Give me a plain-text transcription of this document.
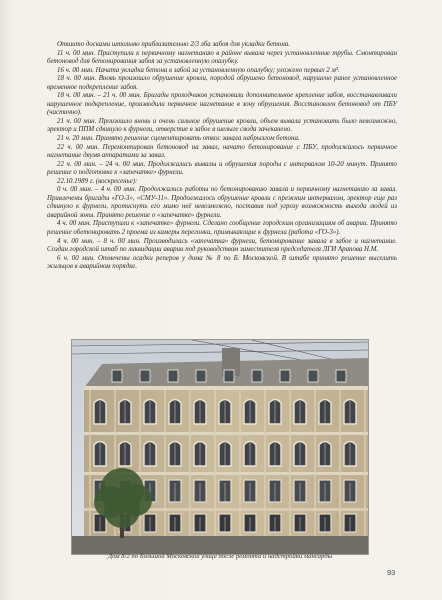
Отшито досками штольню приблизительно 2/3 лба забоя для укладки бетона.

11 ч. 00 мин. Приступили к первичному нагнетанию в районе вывала через установленные трубы. Смонтирован бетоновод для бетонирования забоя за установленную опалубку.

16 ч. 00 мин. Начата укладка бетона в забой за установленную опалубку; уложено первых 2 м³.

18 ч. 00 мин. Вновь произошло обрушение кровли, породой обрушено бетоновод, нарушено ранее установленное временное подкрепление забоя.

18 ч. 00 мин. – 21 ч. 00 мин. Бригады проходчиков установили дополнительное крепление забоя, восстанавливали нарушенное подкрепление, производили первичное нагнетание в зону обрушения. Восстановлен бетоновод от ПБУ (частично).

21 ч. 00 мин. Произошло вновь и очень сильное обрушение кровли, объем вывала установить было невозможно, эректор и ППМ сдвинуло к фурнели, отверстие в забое в шелыге свода зачеканено.

21 ч. 20 мин. Принято решение сцементировать откос завала набрызгом бетона.

22 ч. 00 мин. Перемонтирован бетоновод на завал, начато бетонирование с ПБУ, продолжалось первичное нагнетание двумя аппаратами за завал.

22 ч. 00 мин. – 24 ч. 00 мин. Продолжались вывалы и обрушения породы с интервалом 10-20 минут. Принято решение о подготовке к «запечатке» фурнели.

22.10.1989 г. (воскресенье):

0 ч. 00 мин. – 4 ч. 00 мин. Продолжались работы по бетонированию завала и первичному нагнетанию за завал. Привлечены бригады «ГО-3», «СМУ-11». Продолжалось обрушение кровли с прежним интервалом, эректор еще раз сдвинуло к фурнели, протиснуть его мимо неё невозможно, поставив под угрозу возможность выхода людей из аварийной зоны. Принято решение о «запечатке» фурнели.

4 ч. 00 мин. Приступили к «запечатке» фурнели. Сделано сообщение городским организациям об аварии. Принято решение обетонировать 2 проема из камеры перегонки, примыкающие к фурнели (работа «ГО-3»).

4 ч. 00 мин. – 8 ч. 00 мин. Производилась «запечатка» фурнели, бетонирование завала в забое и нагнетание. Создан городской штаб по ликвидации аварии под руководством заместителя председателя ЛГИ Арапова Н.М.

6 ч. 00 мин. Отмечены осадки реперов у дома № 8 по Б. Московской. В штабе принято решение выселить жильцов в аварийном порядке.

Дом 8/2 по Большой Московской улице после ремонта и надстройки мансарды
93
